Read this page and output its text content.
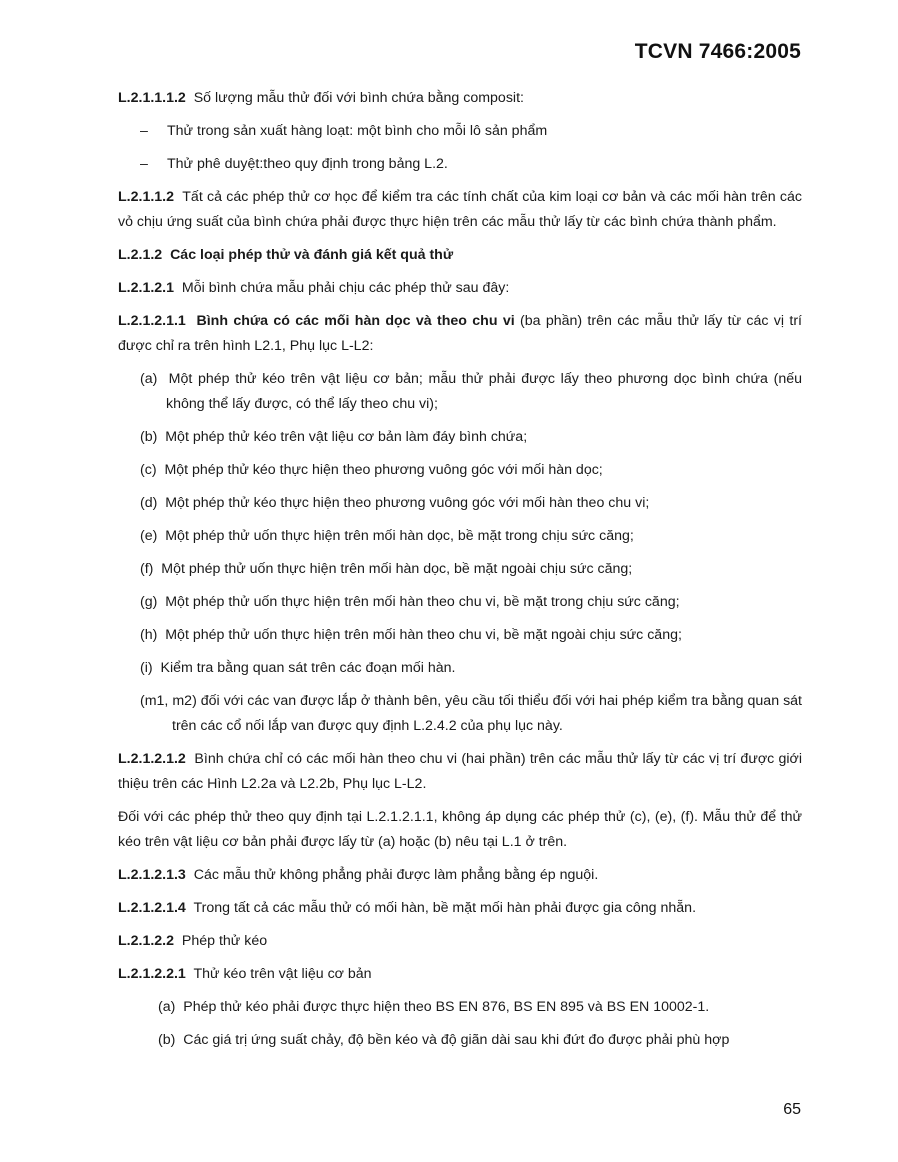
TCVN 7466:2005

L.2.1.1.1.2 Số lượng mẫu thử đối với bình chứa bằng composit:

– Thử trong sản xuất hàng loạt: một bình cho mỗi lô sản phẩm
– Thử phê duyệt:theo quy định trong bảng L.2.

L.2.1.1.2 Tất cả các phép thử cơ học để kiểm tra các tính chất của kim loại cơ bản và các mối hàn trên các vỏ chịu ứng suất của bình chứa phải được thực hiện trên các mẫu thử lấy từ các bình chứa thành phẩm.

L.2.1.2 Các loại phép thử và đánh giá kết quả thử

L.2.1.2.1 Mỗi bình chứa mẫu phải chịu các phép thử sau đây:

L.2.1.2.1.1 Bình chứa có các mối hàn dọc và theo chu vi (ba phần) trên các mẫu thử lấy từ các vị trí được chỉ ra trên hình L2.1, Phụ lục L-L2:

(a) Một phép thử kéo trên vật liệu cơ bản; mẫu thử phải được lấy theo phương dọc bình chứa (nếu không thể lấy được, có thể lấy theo chu vi);
(b) Một phép thử kéo trên vật liệu cơ bản làm đáy bình chứa;
(c) Một phép thử kéo thực hiện theo phương vuông góc với mối hàn dọc;
(d) Một phép thử kéo thực hiện theo phương vuông góc với mối hàn theo chu vi;
(e) Một phép thử uốn thực hiện trên mối hàn dọc, bề mặt trong chịu sức căng;
(f) Một phép thử uốn thực hiện trên mối hàn dọc, bề mặt ngoài chịu sức căng;
(g) Một phép thử uốn thực hiện trên mối hàn theo chu vi, bề mặt trong chịu sức căng;
(h) Một phép thử uốn thực hiện trên mối hàn theo chu vi, bề mặt ngoài chịu sức căng;
(i) Kiểm tra bằng quan sát trên các đoạn mối hàn.
(m1, m2) đối với các van được lắp ở thành bên, yêu cầu tối thiểu đối với hai phép kiểm tra bằng quan sát trên các cổ nối lắp van được quy định L.2.4.2 của phụ lục này.

L.2.1.2.1.2 Bình chứa chỉ có các mối hàn theo chu vi (hai phần) trên các mẫu thử lấy từ các vị trí được giới thiệu trên các Hình L2.2a và L2.2b, Phụ lục L-L2.

Đối với các phép thử theo quy định tại L.2.1.2.1.1, không áp dụng các phép thử (c), (e), (f). Mẫu thử để thử kéo trên vật liệu cơ bản phải được lấy từ (a) hoặc (b) nêu tại L.1 ở trên.

L.2.1.2.1.3 Các mẫu thử không phẳng phải được làm phẳng bằng ép nguội.

L.2.1.2.1.4 Trong tất cả các mẫu thử có mối hàn, bề mặt mối hàn phải được gia công nhẵn.

L.2.1.2.2 Phép thử kéo

L.2.1.2.2.1 Thử kéo trên vật liệu cơ bản

(a) Phép thử kéo phải được thực hiện theo BS EN 876, BS EN 895 và BS EN 10002-1.
(b) Các giá trị ứng suất chảy, độ bền kéo và độ giãn dài sau khi đứt đo được phải phù hợp
65
